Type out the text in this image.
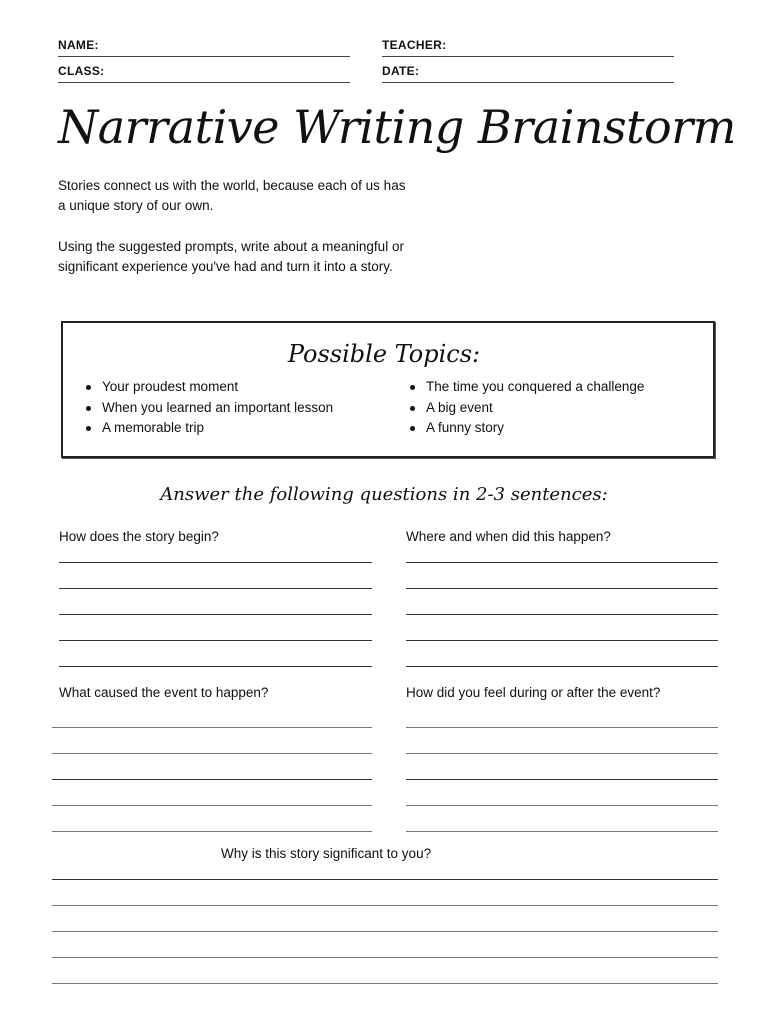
NAME:	TEACHER:
CLASS:	DATE:
Narrative Writing Brainstorm
Stories connect us with the world, because each of us has
a unique story of our own.
Using the suggested prompts, write about a meaningful or
significant experience you've had and turn it into a story.
Possible Topics:
Your proudest moment
When you learned an important lesson
A memorable trip
The time you conquered a challenge
A big event
A funny story
Answer the following questions in 2-3 sentences:
How does the story begin?	Where and when did this happen?
What caused the event to happen?	How did you feel during or after the event?
Why is this story significant to you?
